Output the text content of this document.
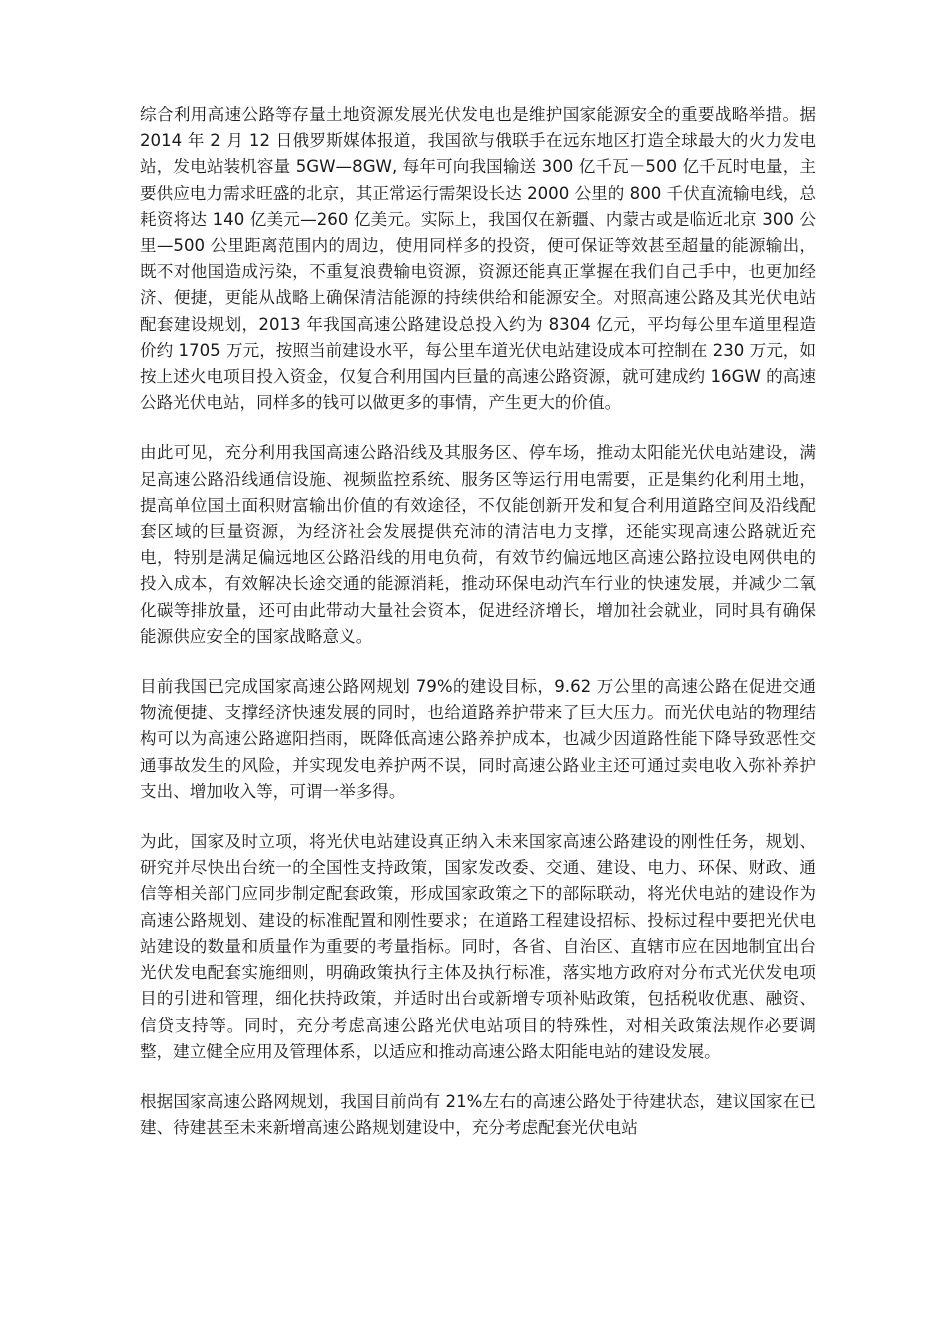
综合利用高速公路等存量土地资源发展光伏发电也是维护国家能源安全的重要战略举措。据 2014 年 2 月 12 日俄罗斯媒体报道，我国欲与俄联手在远东地区打造全球最大的火力发电站，发电站装机容量 5GW—8GW, 每年可向我国输送 300 亿千瓦－500 亿千瓦时电量，主要供应电力需求旺盛的北京，其正常运行需架设长达 2000 公里的 800 千伏直流输电线，总耗资将达 140 亿美元—260 亿美元。实际上，我国仅在新疆、内蒙古或是临近北京 300 公里—500 公里距离范围内的周边，使用同样多的投资，便可保证等效甚至超量的能源输出，既不对他国造成污染，不重复浪费输电资源，资源还能真正掌握在我们自己手中，也更加经济、便捷，更能从战略上确保清洁能源的持续供给和能源安全。对照高速公路及其光伏电站配套建设规划，2013 年我国高速公路建设总投入约为 8304 亿元，平均每公里车道里程造价约 1705 万元，按照当前建设水平，每公里车道光伏电站建设成本可控制在 230 万元，如按上述火电项目投入资金，仅复合利用国内巨量的高速公路资源，就可建成约 16GW 的高速公路光伏电站，同样多的钱可以做更多的事情，产生更大的价值。

由此可见，充分利用我国高速公路沿线及其服务区、停车场，推动太阳能光伏电站建设，满足高速公路沿线通信设施、视频监控系统、服务区等运行用电需要，正是集约化利用土地，提高单位国土面积财富输出价值的有效途径，不仅能创新开发和复合利用道路空间及沿线配套区域的巨量资源，为经济社会发展提供充沛的清洁电力支撑，还能实现高速公路就近充电，特别是满足偏远地区公路沿线的用电负荷，有效节约偏远地区高速公路拉设电网供电的投入成本，有效解决长途交通的能源消耗，推动环保电动汽车行业的快速发展，并减少二氧化碳等排放量，还可由此带动大量社会资本，促进经济增长，增加社会就业，同时具有确保能源供应安全的国家战略意义。

目前我国已完成国家高速公路网规划 79%的建设目标，9.62 万公里的高速公路在促进交通物流便捷、支撑经济快速发展的同时，也给道路养护带来了巨大压力。而光伏电站的物理结构可以为高速公路遮阳挡雨，既降低高速公路养护成本，也减少因道路性能下降导致恶性交通事故发生的风险，并实现发电养护两不误，同时高速公路业主还可通过卖电收入弥补养护支出、增加收入等，可谓一举多得。

为此，国家及时立项，将光伏电站建设真正纳入未来国家高速公路建设的刚性任务，规划、研究并尽快出台统一的全国性支持政策，国家发改委、交通、建设、电力、环保、财政、通信等相关部门应同步制定配套政策，形成国家政策之下的部际联动，将光伏电站的建设作为高速公路规划、建设的标准配置和刚性要求；在道路工程建设招标、投标过程中要把光伏电站建设的数量和质量作为重要的考量指标。同时，各省、自治区、直辖市应在因地制宜出台光伏发电配套实施细则，明确政策执行主体及执行标准，落实地方政府对分布式光伏发电项目的引进和管理，细化扶持政策，并适时出台或新增专项补贴政策，包括税收优惠、融资、信贷支持等。同时，充分考虑高速公路光伏电站项目的特殊性，对相关政策法规作必要调整，建立健全应用及管理体系，以适应和推动高速公路太阳能电站的建设发展。

根据国家高速公路网规划，我国目前尚有 21%左右的高速公路处于待建状态，建议国家在已建、待建甚至未来新增高速公路规划建设中，充分考虑配套光伏电站
